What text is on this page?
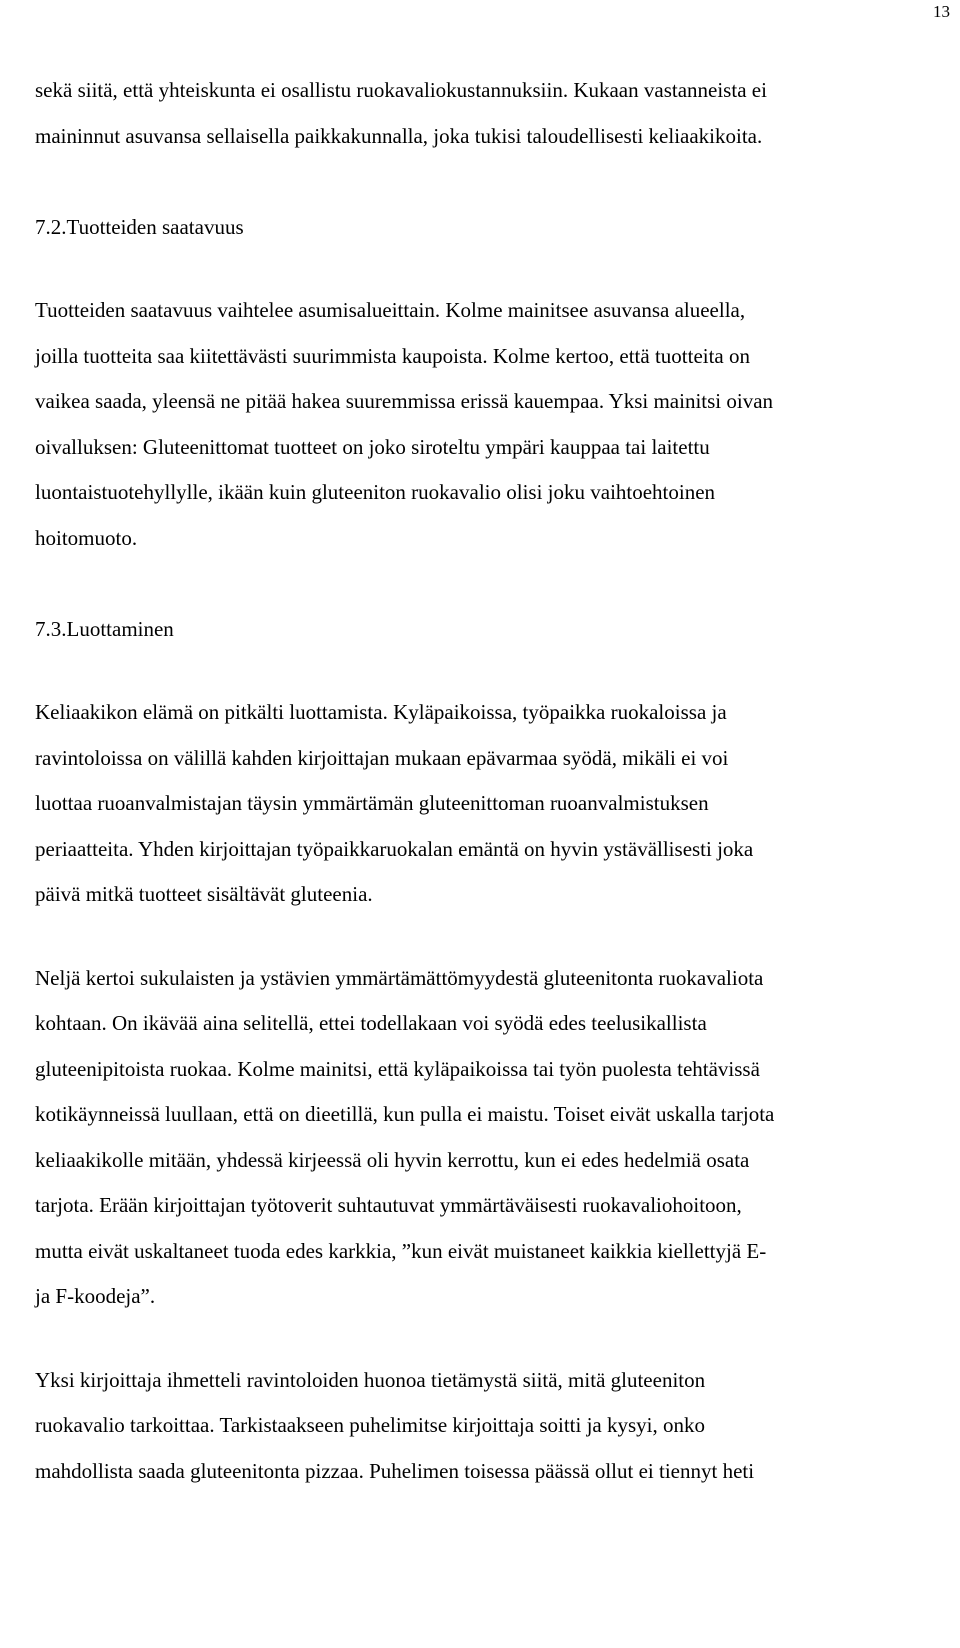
13
sekä siitä, että yhteiskunta ei osallistu ruokavaliokustannuksiin. Kukaan vastanneista ei
maininnut asuvansa sellaisella paikkakunnalla, joka tukisi taloudellisesti keliaakikoita.
7.2.Tuotteiden saatavuus
Tuotteiden saatavuus vaihtelee asumisalueittain. Kolme mainitsee asuvansa alueella,
joilla tuotteita saa kiitettävästi suurimmista kaupoista. Kolme kertoo, että tuotteita on
vaikea saada, yleensä ne pitää hakea suuremmissa erissä kauempaa. Yksi mainitsi oivan
oivalluksen: Gluteenittomat tuotteet on joko siroteltu ympäri kauppaa tai laitettu
luontaistuotehyllylle, ikään kuin gluteeniton ruokavalio olisi joku vaihtoehtoinen
hoitomuoto.
7.3.Luottaminen
Keliaakikon elämä on pitkälti luottamista. Kyläpaikoissa, työpaikka ruokaloissa ja
ravintoloissa on välillä kahden kirjoittajan mukaan epävarmaa syödä, mikäli ei voi
luottaa ruoanvalmistajan täysin ymmärtämän gluteenittoman ruoanvalmistuksen
periaatteita. Yhden kirjoittajan työpaikkaruokalan emäntä on hyvin ystävällisesti joka
päivä mitkä tuotteet sisältävät gluteenia.
Neljä kertoi sukulaisten ja ystävien ymmärtämättömyydestä gluteenitonta ruokavaliota
kohtaan. On ikävää aina selitellä, ettei todellakaan voi syödä edes teelusikallista
gluteenipitoista ruokaa. Kolme mainitsi, että kyläpaikoissa tai työn puolesta tehtävissä
kotikäynneissä luullaan, että on dieetillä, kun pulla ei maistu. Toiset eivät uskalla tarjota
keliaakikolle mitään, yhdessä kirjeessä oli hyvin kerrottu, kun ei edes hedelmiä osata
tarjota. Erään kirjoittajan työtoverit suhtautuvat ymmärtäväisesti ruokavaliohoitoon,
mutta eivät uskaltaneet tuoda edes karkkia, ”kun eivät muistaneet kaikkia kiellettyjä E-
ja F-koodeja”.
Yksi kirjoittaja ihmetteli ravintoloiden huonoa tietämystä siitä, mitä gluteeniton
ruokavalio tarkoittaa. Tarkistaakseen puhelimitse kirjoittaja soitti ja kysyi, onko
mahdollista saada gluteenitonta pizzaa. Puhelimen toisessa päässä ollut ei tiennyt heti
